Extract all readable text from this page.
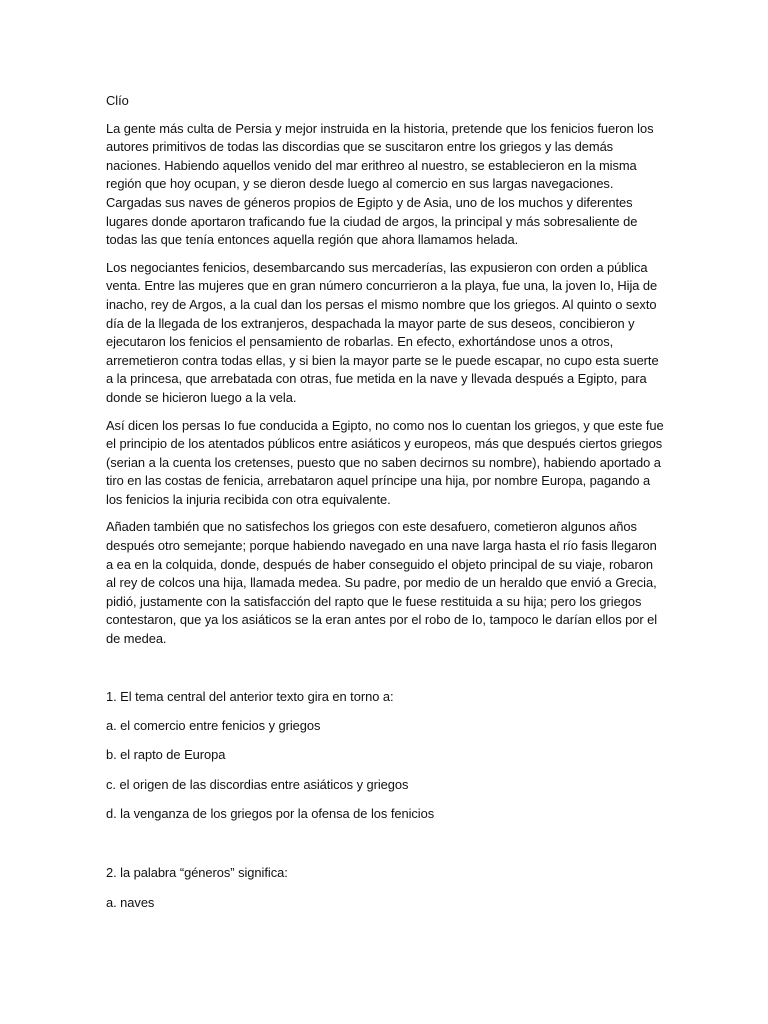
Clío

La gente más culta de Persia y mejor instruida en la historia, pretende que los fenicios fueron los autores primitivos de todas las discordias que se suscitaron entre los griegos y las demás naciones. Habiendo aquellos venido del mar erithreo al nuestro, se establecieron en la misma región que hoy ocupan, y se dieron desde luego al comercio en sus largas navegaciones. Cargadas sus naves de géneros propios de Egipto y de Asia, uno de los muchos y diferentes lugares donde aportaron traficando fue la ciudad de argos, la principal y más sobresaliente de todas las que tenía entonces aquella región que ahora llamamos helada.

Los negociantes fenicios, desembarcando sus mercaderías, las expusieron con orden a pública venta. Entre las mujeres que en gran número concurrieron a la playa, fue una, la joven Io, Hija de inacho, rey de Argos, a la cual dan los persas el mismo nombre que los griegos. Al quinto o sexto día de la llegada de los extranjeros, despachada la mayor parte de sus deseos, concibieron y ejecutaron los fenicios el pensamiento de robarlas. En efecto, exhortándose unos a otros, arremetieron contra todas ellas, y si bien la mayor parte se le puede escapar, no cupo esta suerte a la princesa, que arrebatada con otras, fue metida en la nave y llevada después a Egipto, para donde se hicieron luego a la vela.

Así dicen los persas Io fue conducida a Egipto, no como nos lo cuentan los griegos, y que este fue el principio de los atentados públicos entre asiáticos y europeos, más que después ciertos griegos (serian a la cuenta los cretenses, puesto que no saben decirnos su nombre), habiendo aportado a tiro en las costas de fenicia, arrebataron aquel príncipe una hija, por nombre Europa, pagando a los fenicios la injuria recibida con otra equivalente.

Añaden también que no satisfechos los griegos con este desafuero, cometieron algunos años después otro semejante; porque habiendo navegado en una nave larga hasta el río fasis llegaron a ea en la colquida, donde, después de haber conseguido el objeto principal de su viaje, robaron al rey de colcos una hija, llamada medea. Su padre, por medio de un heraldo que envió a Grecia, pidió, justamente con la satisfacción del rapto que le fuese restituida a su hija; pero los griegos contestaron, que ya los asiáticos se la eran antes por el robo de Io, tampoco le darían ellos por el de medea.

1. El tema central del anterior texto gira en torno a:

a. el comercio entre fenicios y griegos

b. el rapto de Europa

c. el origen de las discordias entre asiáticos y griegos

d. la venganza de los griegos por la ofensa de los fenicios

2. la palabra “géneros” significa:

a. naves
